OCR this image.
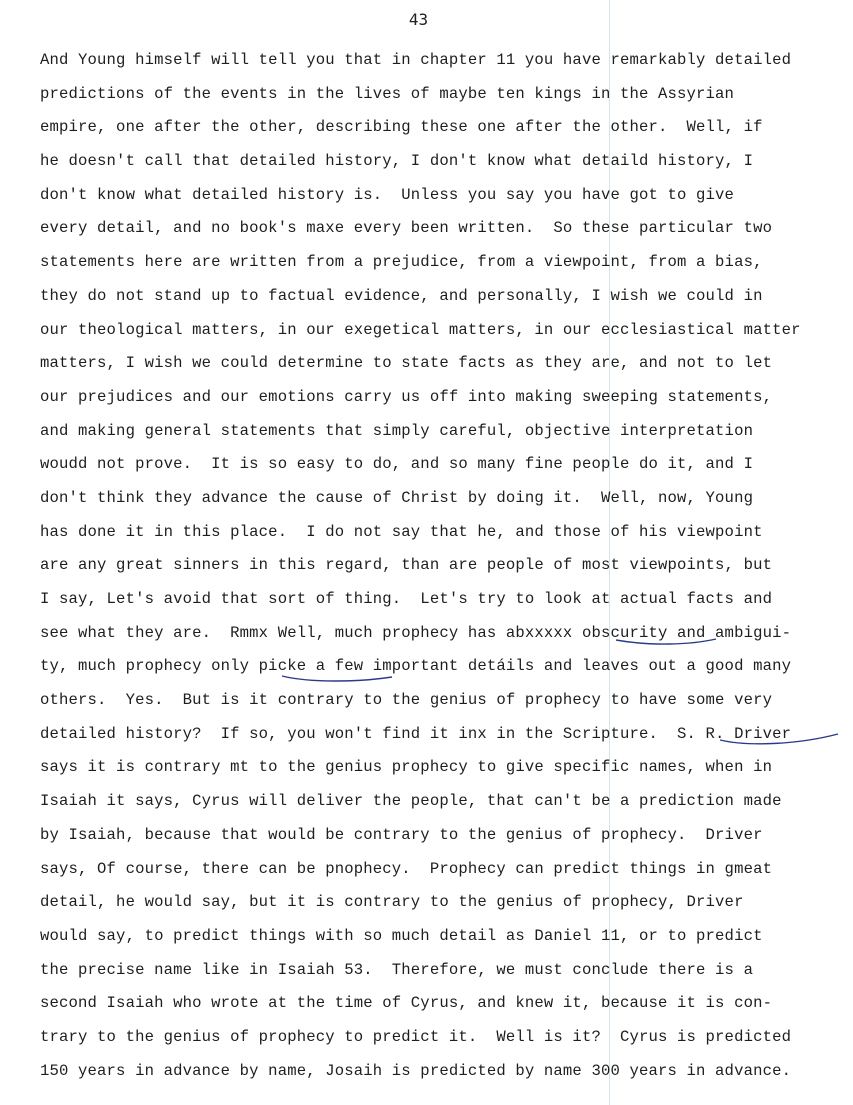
43
And Young himself will tell you that in chapter 11 you have remarkably detailed
predictions of the events in the lives of maybe ten kings in the Assyrian
empire, one after the other, describing these one after the other.  Well, if
he doesn't call that detailed history, I don't know what detaild history, I
don't know what detailed history is.  Unless you say you have got to give
every detail, and no book's maxe every been written.  So these particular two
statements here are written from a prejudice, from a viewpoint, from a bias,
they do not stand up to factual evidence, and personally, I wish we could in
our theological matters, in our exegetical matters, in our ecclesiastical matter
matters, I wish we could determine to state facts as they are, and not to let
our prejudices and our emotions carry us off into making sweeping statements,
and making general statements that simply careful, objective interpretation
woudd not prove.  It is so easy to do, and so many fine people do it, and I
don't think they advance the cause of Christ by doing it.  Well, now, Young
has done it in this place.  I do not say that he, and those of his viewpoint
are any great sinners in this regard, than are people of most viewpoints, but
I say, Let's avoid that sort of thing.  Let's try to look at actual facts and
see what they are.  Rmmx Well, much prophecy has abxxxxx obscurity and ambigui-
ty, much prophecy only picke a few important detáils and leaves out a good many
others.  Yes.  But is it contrary to the genius of prophecy to have some very
detailed history?  If so, you won't find it inx in the Scripture.  S. R. Driver
says it is contrary mt to the genius prophecy to give specific names, when in
Isaiah it says, Cyrus will deliver the people, that can't be a prediction made
by Isaiah, because that would be contrary to the genius of prophecy.  Driver
says, Of course, there can be pnophecy.  Prophecy can predict things in gmeat
detail, he would say, but it is contrary to the genius of prophecy, Driver
would say, to predict things with so much detail as Daniel 11, or to predict
the precise name like in Isaiah 53.  Therefore, we must conclude there is a
second Isaiah who wrote at the time of Cyrus, and knew it, because it is con-
trary to the genius of prophecy to predict it.  Well is it?  Cyrus is predicted
150 years in advance by name, Josaih is predicted by name 300 years in advance.
